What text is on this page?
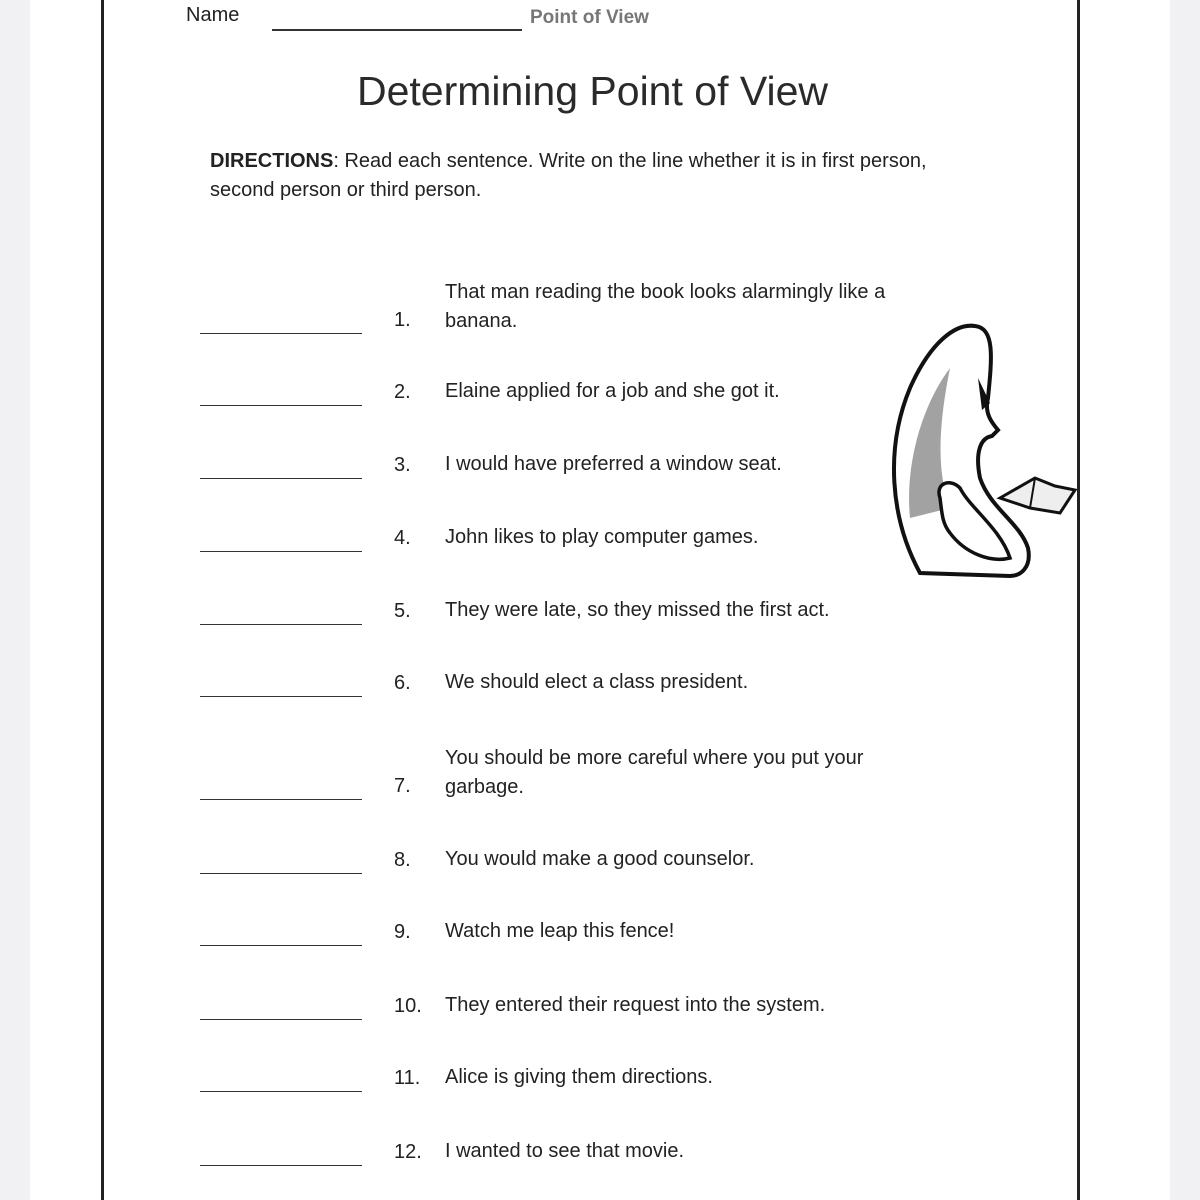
Name	Point of View
Determining Point of View
DIRECTIONS: Read each sentence. Write on the line whether it is in first person, second person or third person.
1.
That man reading the book looks alarmingly like a banana.
2. Elaine applied for a job and she got it.
3. I would have preferred a window seat.
4. John likes to play computer games.
5. They were late, so they missed the first act.
6. We should elect a class president.
7.
You should be more careful where you put your garbage.
8. You would make a good counselor.
9. Watch me leap this fence!
10. They entered their request into the system.
11. Alice is giving them directions.
12. I wanted to see that movie.
